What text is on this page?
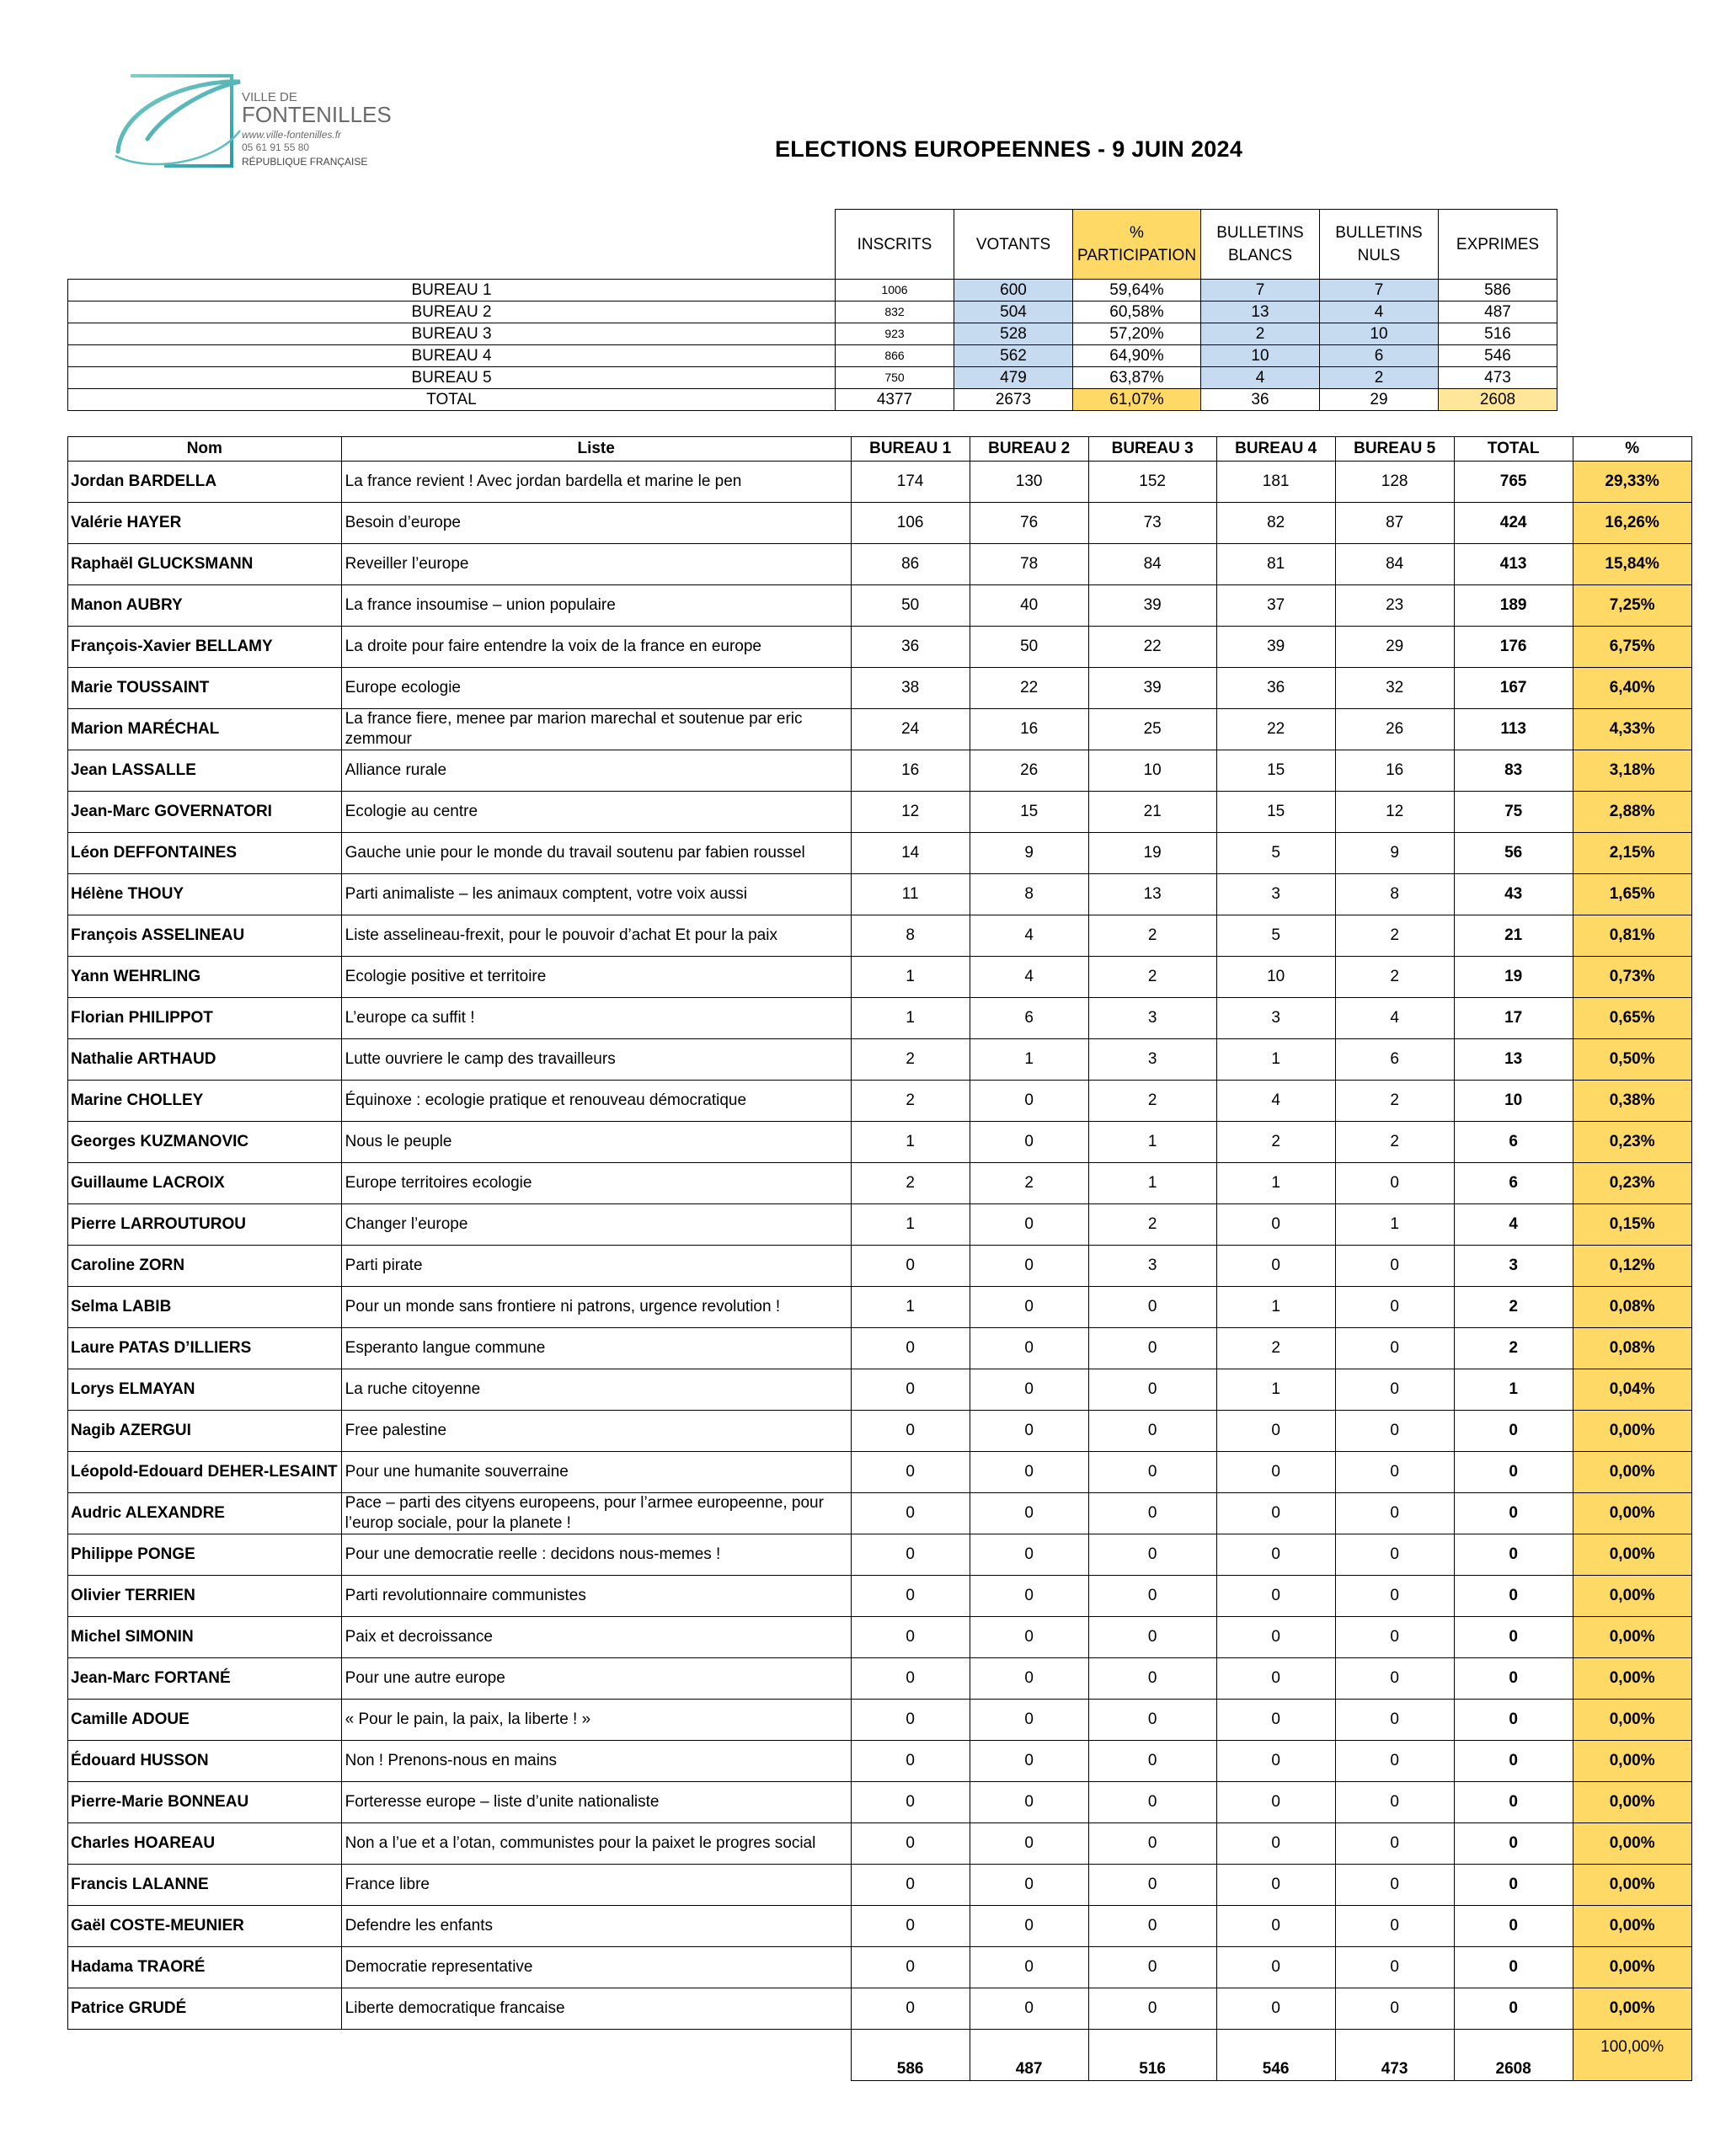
VILLE DE
FONTENILLES
www.ville-fontenilles.fr
05 61 91 55 80
RÉPUBLIQUE FRANÇAISE	ELECTIONS EUROPEENNES - 9 JUIN 2024
	INSCRITS	VOTANTS	% PARTICIPATION	BULLETINS BLANCS	BULLETINS NULS	EXPRIMES
BUREAU 1	1006	600	59,64%	7	7	586
BUREAU 2	832	504	60,58%	13	4	487
BUREAU 3	923	528	57,20%	2	10	516
BUREAU 4	866	562	64,90%	10	6	546
BUREAU 5	750	479	63,87%	4	2	473
TOTAL	4377	2673	61,07%	36	29	2608
Nom	Liste	BUREAU 1	BUREAU 2	BUREAU 3	BUREAU 4	BUREAU 5	TOTAL	%
Jordan BARDELLA	La france revient ! Avec jordan bardella et marine le pen	174	130	152	181	128	765	29,33%
Valérie HAYER	Besoin d’europe	106	76	73	82	87	424	16,26%
Raphaël GLUCKSMANN	Reveiller l’europe	86	78	84	81	84	413	15,84%
Manon AUBRY	La france insoumise – union populaire	50	40	39	37	23	189	7,25%
François-Xavier BELLAMY	La droite pour faire entendre la voix de la france en europe	36	50	22	39	29	176	6,75%
Marie TOUSSAINT	Europe ecologie	38	22	39	36	32	167	6,40%
Marion MARÉCHAL	La france fiere, menee par marion marechal et soutenue par eric zemmour	24	16	25	22	26	113	4,33%
Jean LASSALLE	Alliance rurale	16	26	10	15	16	83	3,18%
Jean-Marc GOVERNATORI	Ecologie au centre	12	15	21	15	12	75	2,88%
Léon DEFFONTAINES	Gauche unie pour le monde du travail soutenu par fabien roussel	14	9	19	5	9	56	2,15%
Hélène THOUY	Parti animaliste – les animaux comptent, votre voix aussi	11	8	13	3	8	43	1,65%
François ASSELINEAU	Liste asselineau-frexit, pour le pouvoir d’achat Et pour la paix	8	4	2	5	2	21	0,81%
Yann WEHRLING	Ecologie positive et territoire	1	4	2	10	2	19	0,73%
Florian PHILIPPOT	L’europe ca suffit !	1	6	3	3	4	17	0,65%
Nathalie ARTHAUD	Lutte ouvriere le camp des travailleurs	2	1	3	1	6	13	0,50%
Marine CHOLLEY	Équinoxe : ecologie pratique et renouveau démocratique	2	0	2	4	2	10	0,38%
Georges KUZMANOVIC	Nous le peuple	1	0	1	2	2	6	0,23%
Guillaume LACROIX	Europe territoires ecologie	2	2	1	1	0	6	0,23%
Pierre LARROUTUROU	Changer l’europe	1	0	2	0	1	4	0,15%
Caroline ZORN	Parti pirate	0	0	3	0	0	3	0,12%
Selma LABIB	Pour un monde sans frontiere ni patrons, urgence revolution !	1	0	0	1	0	2	0,08%
Laure PATAS D’ILLIERS	Esperanto langue commune	0	0	0	2	0	2	0,08%
Lorys ELMAYAN	La ruche citoyenne	0	0	0	1	0	1	0,04%
Nagib AZERGUI	Free palestine	0	0	0	0	0	0	0,00%
Léopold-Edouard DEHER-LESAINT	Pour une humanite souverraine	0	0	0	0	0	0	0,00%
Audric ALEXANDRE	Pace – parti des cityens europeens, pour l’armee europeenne, pour l’europ sociale, pour la planete !	0	0	0	0	0	0	0,00%
Philippe PONGE	Pour une democratie reelle : decidons nous-memes !	0	0	0	0	0	0	0,00%
Olivier TERRIEN	Parti revolutionnaire communistes	0	0	0	0	0	0	0,00%
Michel SIMONIN	Paix et decroissance	0	0	0	0	0	0	0,00%
Jean-Marc FORTANÉ	Pour une autre europe	0	0	0	0	0	0	0,00%
Camille ADOUE	« Pour le pain, la paix, la liberte ! »	0	0	0	0	0	0	0,00%
Édouard HUSSON	Non ! Prenons-nous en mains	0	0	0	0	0	0	0,00%
Pierre-Marie BONNEAU	Forteresse europe – liste d’unite nationaliste	0	0	0	0	0	0	0,00%
Charles HOAREAU	Non a l’ue et a l’otan, communistes pour la paixet le progres social	0	0	0	0	0	0	0,00%
Francis LALANNE	France libre	0	0	0	0	0	0	0,00%
Gaël COSTE-MEUNIER	Defendre les enfants	0	0	0	0	0	0	0,00%
Hadama TRAORÉ	Democratie representative	0	0	0	0	0	0	0,00%
Patrice GRUDÉ	Liberte democratique francaise	0	0	0	0	0	0	0,00%
		586	487	516	546	473	2608	100,00%
